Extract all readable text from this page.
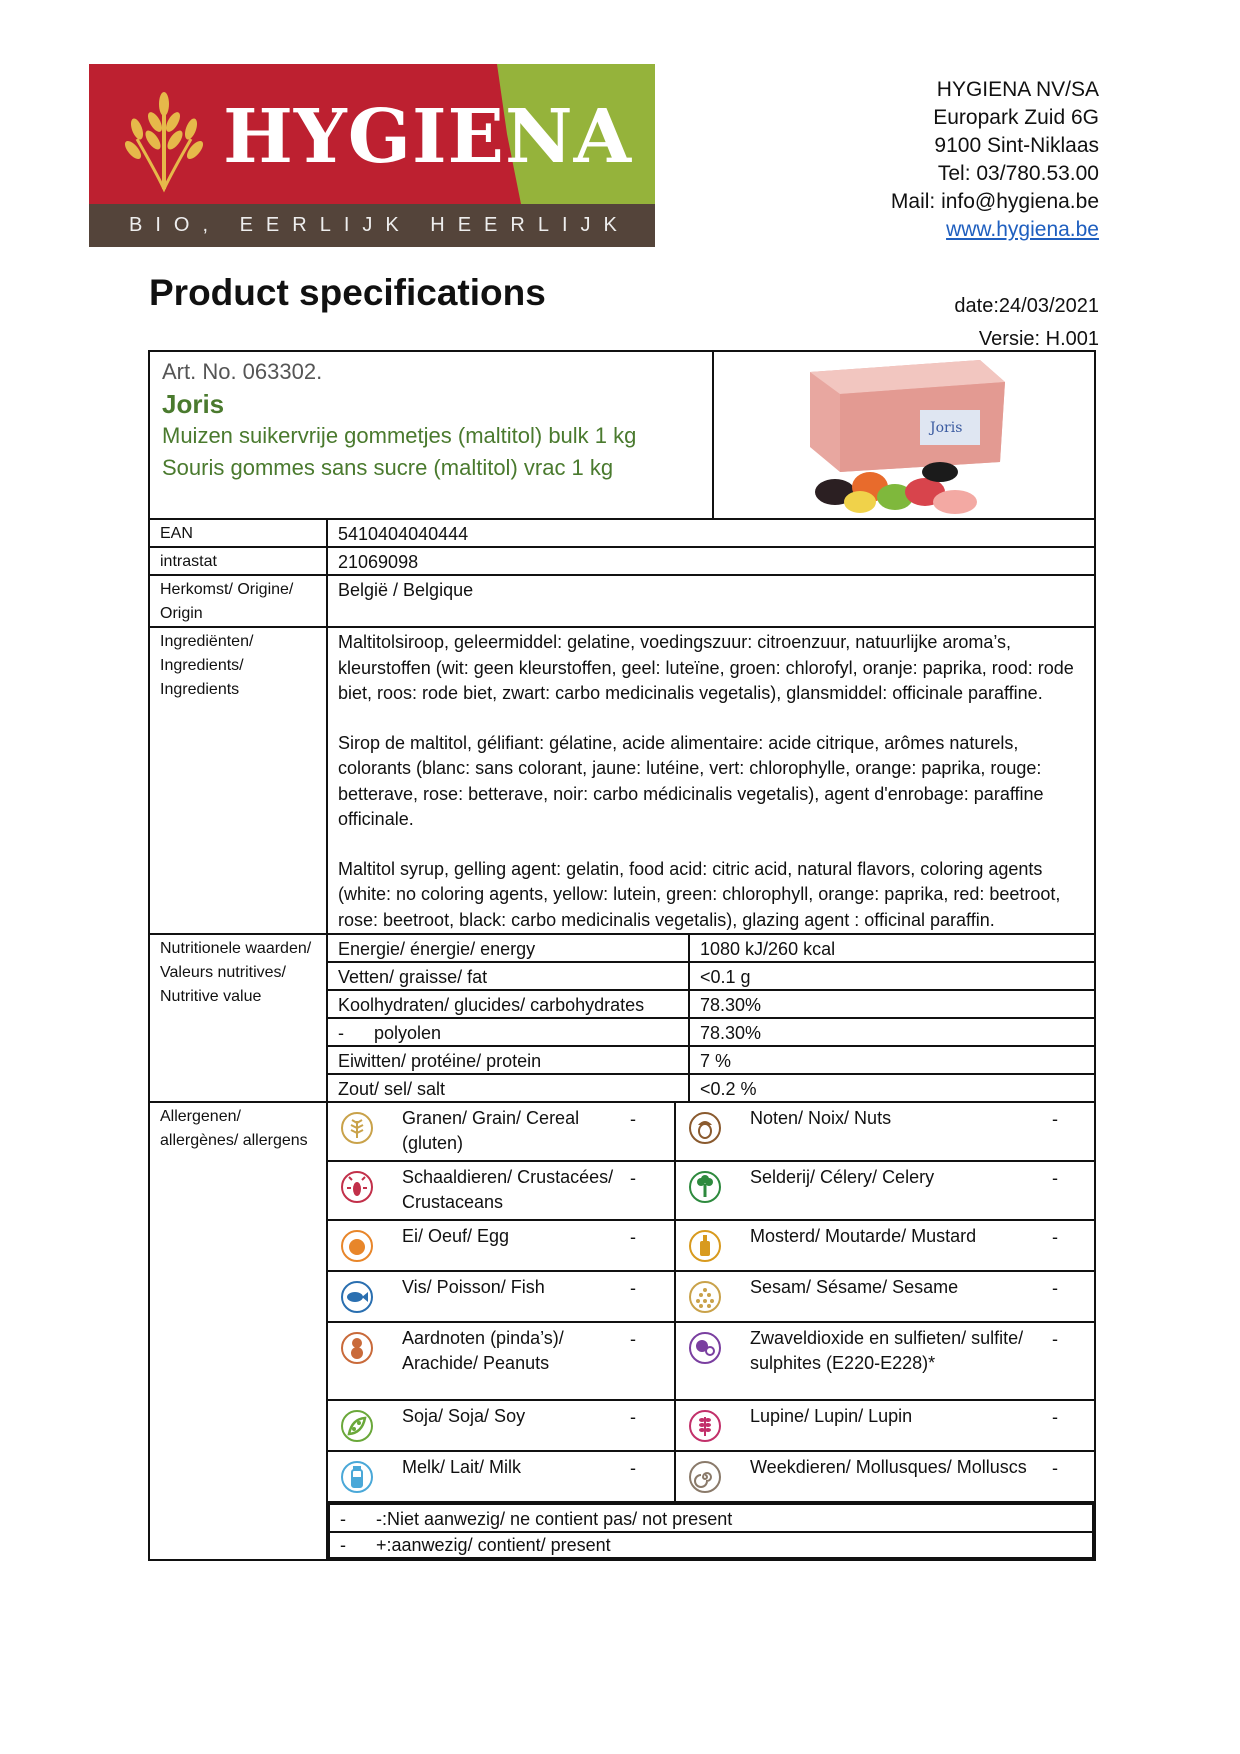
HYGIENA
BIO, EERLIJK HEERLIJK
HYGIENA NV/SA
Europark Zuid 6G
9100 Sint-Niklaas
Tel: 03/780.53.00
Mail: info@hygiena.be
www.hygiena.be
Product specifications	date:24/03/2021
Versie: H.001
Art. No. 063302.
Joris
Muizen suikervrije gommetjes (maltitol) bulk 1 kg
Souris gommes sans sucre (maltitol) vrac 1 kg
Joris
EAN	5410404040444
intrastat	21069098
Herkomst/ Origine/ Origin	België / Belgique
Ingrediënten/ Ingredients/ Ingredients	

Maltitolsiroop, geleermiddel: gelatine, voedingszuur: citroenzuur, natuurlijke aroma’s, kleurstoffen (wit: geen kleurstoffen, geel: luteïne, groen: chlorofyl, oranje: paprika, rood: rode biet, roos: rode biet, zwart: carbo medicinalis vegetalis), glansmiddel: officinale paraffine.

Sirop de maltitol, gélifiant: gélatine, acide alimentaire: acide citrique, arômes naturels, colorants (blanc: sans colorant, jaune: lutéine, vert: chlorophylle, orange: paprika, rouge: betterave, rose: betterave, noir: carbo médicinalis vegetalis), agent d'enrobage: paraffine officinale.

Maltitol syrup, gelling agent: gelatin, food acid: citric acid, natural flavors, coloring agents (white: no coloring agents, yellow: lutein, green: chlorophyll, orange: paprika, red: beetroot, rose: beetroot, black: carbo medicinalis vegetalis), glazing agent : officinal paraffin.

Nutritionele waarden/ Valeurs nutritives/ Nutritive value	
Energie/ énergie/ energy	1080 kJ/260 kcal
Vetten/ graisse/ fat	<0.1 g
Koolhydraten/ glucides/ carbohydrates	78.30%
-      polyolen	78.30%
Eiwitten/ protéine/ protein	7 %
Zout/ sel/ salt	<0.2 %

Allergenen/ allergènes/ allergens	
	Granen/ Grain/ Cereal (gluten)	-		Noten/ Noix/ Nuts	-
	Schaaldieren/ Crustacées/ Crustaceans	-		Selderij/ Célery/ Celery	-
	Ei/ Oeuf/ Egg	-		Mosterd/ Moutarde/ Mustard	-
	Vis/ Poisson/ Fish	-		Sesam/ Sésame/ Sesame	-
	Aardnoten (pinda’s)/ Arachide/ Peanuts	-		Zwaveldioxide en sulfieten/ sulfite/ sulphites (E220-E228)*	-
	Soja/ Soja/ Soy	-		Lupine/ Lupin/ Lupin	-
	Melk/ Lait/ Milk	-		Weekdieren/ Mollusques/ Molluscs	-
-      -:Niet aanwezig/ ne contient pas/ not present
-      +:aanwezig/ contient/ present
